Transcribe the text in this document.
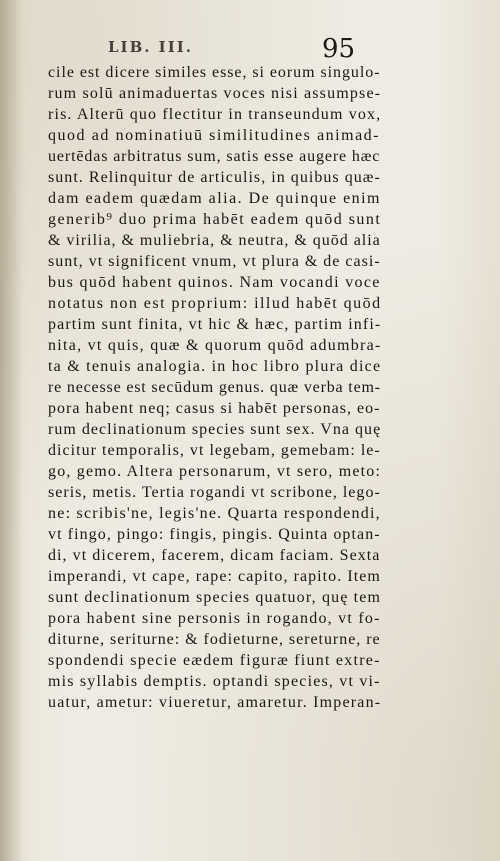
LIB. III.	95
cile est dicere similes esse, si eorum singulo-
rum solū animaduertas voces nisi assumpse-
ris. Alterū quo flectitur in transeundum vox,
quod ad nominatiuū similitudines animad-
uertēdas arbitratus sum, satis esse augere hæc
sunt. Relinquitur de articulis, in quibus quæ-
dam eadem quædam alia. De quinque enim
generib⁹ duo prima habēt eadem quōd sunt
& virilia, & muliebria, & neutra, & quōd alia
sunt, vt significent vnum, vt plura & de casi-
bus quōd habent quinos. Nam vocandi voce
notatus non est proprium: illud habēt quōd
partim sunt finita, vt hic & hæc, partim infi-
nita, vt quis, quæ & quorum quōd adumbra-
ta & tenuis analogia. in hoc libro plura dice
re necesse est secūdum genus. quæ verba tem-
pora habent neq; casus si habēt personas, eo-
rum declinationum species sunt sex. Vna quę
dicitur temporalis, vt legebam, gemebam: le-
go, gemo. Altera personarum, vt sero, meto:
seris, metis. Tertia rogandi vt scribone, lego-
ne: scribis'ne, legis'ne. Quarta respondendi,
vt fingo, pingo: fingis, pingis. Quinta optan-
di, vt dicerem, facerem, dicam faciam. Sexta
imperandi, vt cape, rape: capito, rapito. Item
sunt declinationum species quatuor, quę tem
pora habent sine personis in rogando, vt fo-
diturne, seriturne: & fodieturne, sereturne, re
spondendi specie eædem figuræ fiunt extre-
mis syllabis demptis. optandi species, vt vi-
uatur, ametur: viueretur, amaretur. Imperan-
